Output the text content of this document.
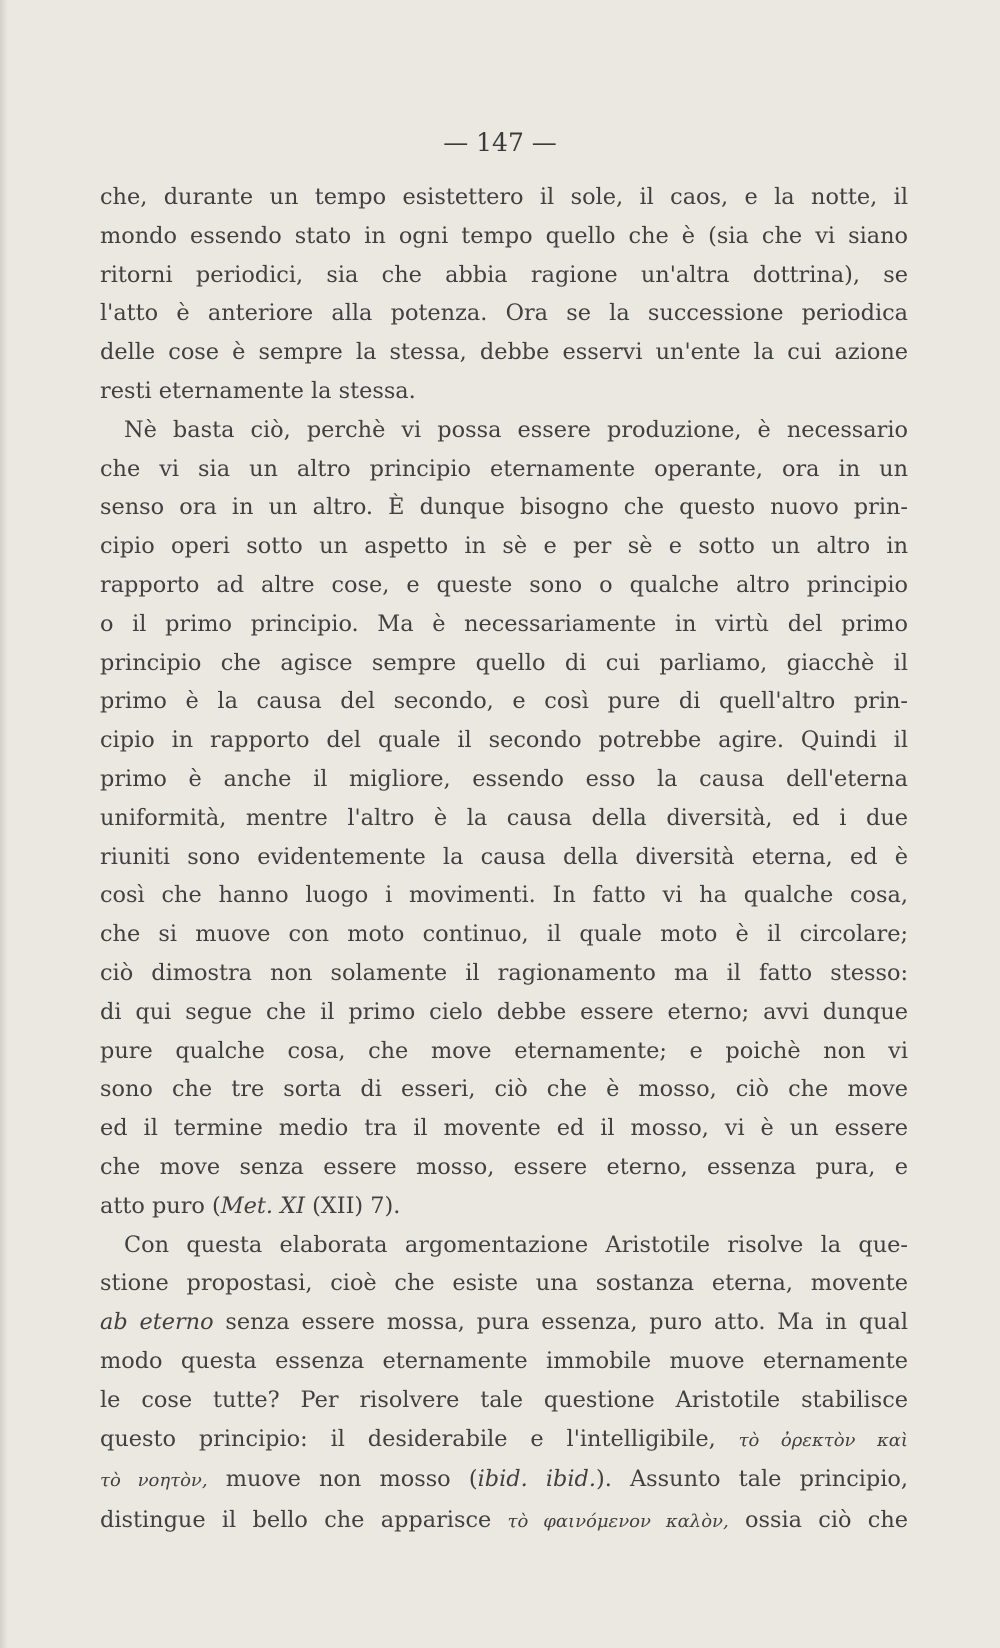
— 147 —

che, durante un tempo esistettero il sole, il caos, e la notte, il
mondo essendo stato in ogni tempo quello che è (sia che vi siano
ritorni periodici, sia che abbia ragione un'altra dottrina), se
l'atto è anteriore alla potenza. Ora se la successione periodica
delle cose è sempre la stessa, debbe esservi un'ente la cui azione
resti eternamente la stessa.

Nè basta ciò, perchè vi possa essere produzione, è necessario
che vi sia un altro principio eternamente operante, ora in un
senso ora in un altro. È dunque bisogno che questo nuovo prin-
cipio operi sotto un aspetto in sè e per sè e sotto un altro in
rapporto ad altre cose, e queste sono o qualche altro principio
o il primo principio. Ma è necessariamente in virtù del primo
principio che agisce sempre quello di cui parliamo, giacchè il
primo è la causa del secondo, e così pure di quell'altro prin-
cipio in rapporto del quale il secondo potrebbe agire. Quindi il
primo è anche il migliore, essendo esso la causa dell'eterna
uniformità, mentre l'altro è la causa della diversità, ed i due
riuniti sono evidentemente la causa della diversità eterna, ed è
così che hanno luogo i movimenti. In fatto vi ha qualche cosa,
che si muove con moto continuo, il quale moto è il circolare;
ciò dimostra non solamente il ragionamento ma il fatto stesso:
di qui segue che il primo cielo debbe essere eterno; avvi dunque
pure qualche cosa, che move eternamente; e poichè non vi
sono che tre sorta di esseri, ciò che è mosso, ciò che move
ed il termine medio tra il movente ed il mosso, vi è un essere
che move senza essere mosso, essere eterno, essenza pura, e
atto puro (Met. XI (XII) 7).
Con questa elaborata argomentazione Aristotile risolve la que-
stione propostasi, cioè che esiste una sostanza eterna, movente
ab eterno senza essere mossa, pura essenza, puro atto. Ma in qual
modo questa essenza eternamente immobile muove eternamente
le cose tutte? Per risolvere tale questione Aristotile stabilisce
questo principio: il desiderabile e l'intelligibile, τὸ ὀρεκτὸν καὶ
τὸ νοητὸν, muove non mosso (ibid. ibid.). Assunto tale principio,
distingue il bello che apparisce τὸ φαινόμενον καλὸν, ossia ciò che
